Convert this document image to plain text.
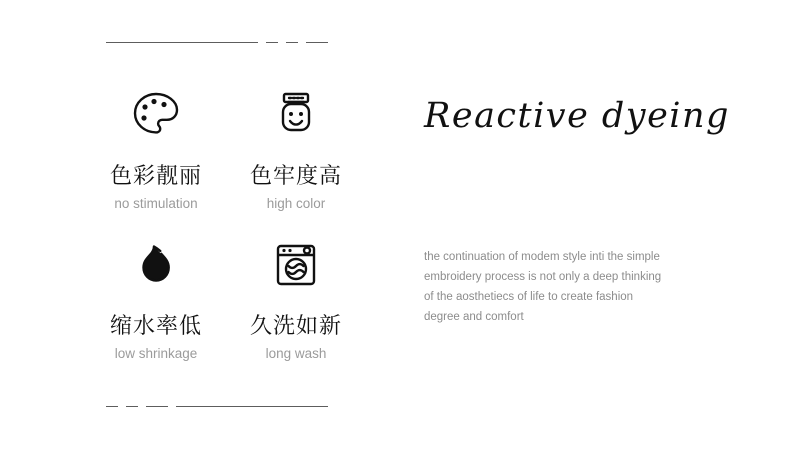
色彩靓丽
no stimulation
色牢度高
high color
缩水率低
low shrinkage
久洗如新
long wash
Reactive dyeing
the continuation of modem style inti the simple embroidery process is not only a deep thinking of the aosthetiecs of life to create fashion degree and comfort
